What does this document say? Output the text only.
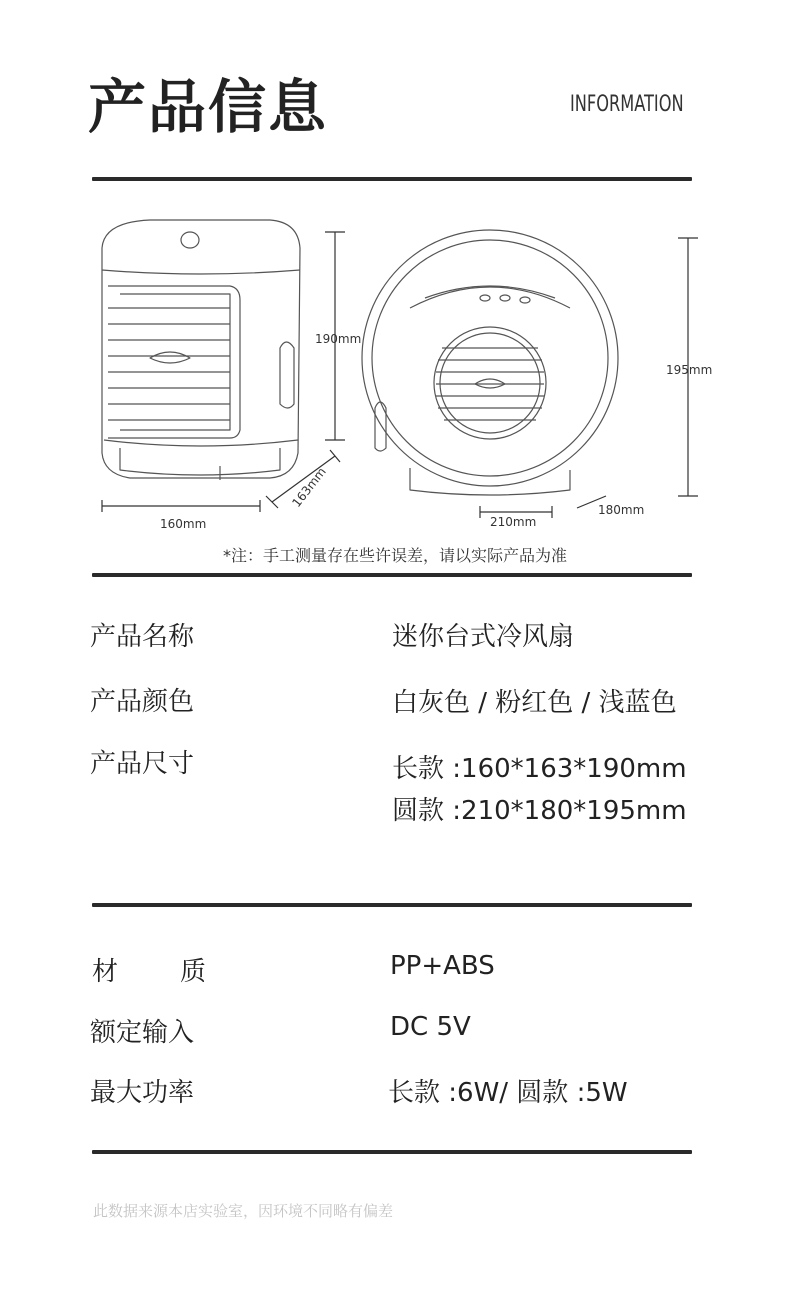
产品信息	INFORMATION
190mm
160mm
163mm
195mm
210mm
180mm
*注：手工测量存在些许误差，请以实际产品为准
产品名称	迷你台式冷风扇
产品颜色	白灰色 / 粉红色 / 浅蓝色
产品尺寸	长款 :160*163*190mm
圆款 :210*180*195mm
材 质	PP+ABS
额定输入	DC 5V
最大功率	长款 :6W/ 圆款 :5W
此数据来源本店实验室，因环境不同略有偏差
